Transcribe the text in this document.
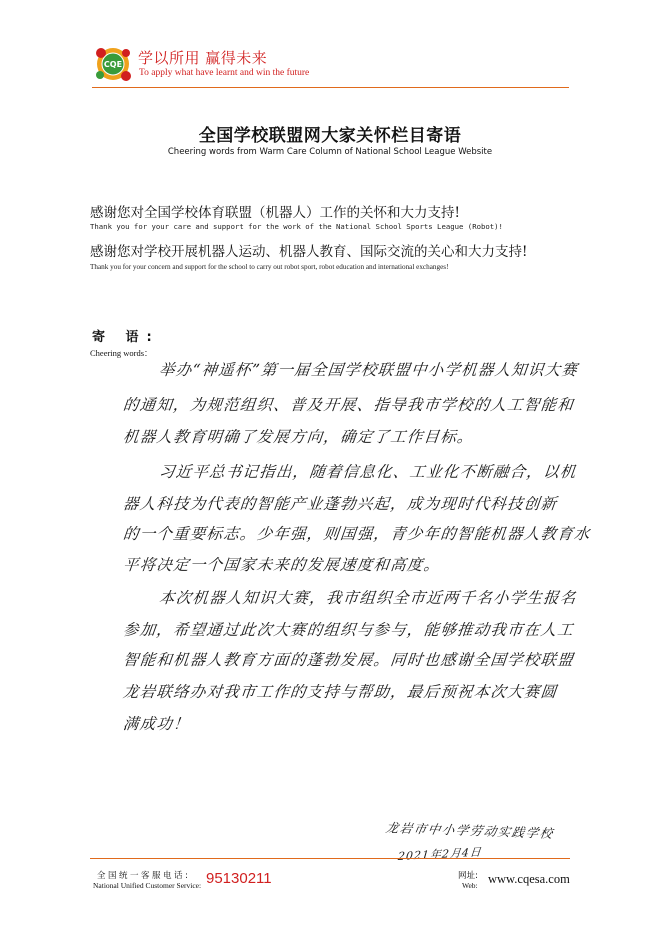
CQE 学以所用 赢得未来
To apply what have learnt and win the future
全国学校联盟网大家关怀栏目寄语
Cheering words from Warm Care Column of National School League Website
感谢您对全国学校体育联盟（机器人）工作的关怀和大力支持!
Thank you for your care and support for the work of the National School Sports League (Robot)!
感谢您对学校开展机器人运动、机器人教育、国际交流的关心和大力支持!
Thank you for your concern and support for the school to carry out robot sport, robot education and international exchanges!
寄 语:
Cheering words：
举办“神遥杯”第一届全国学校联盟中小学机器人知识大赛
的通知，为规范组织、普及开展、指导我市学校的人工智能和
机器人教育明确了发展方向，确定了工作目标。
习近平总书记指出，随着信息化、工业化不断融合，以机
器人科技为代表的智能产业蓬勃兴起，成为现时代科技创新
的一个重要标志。少年强，则国强，青少年的智能机器人教育水
平将决定一个国家未来的发展速度和高度。
本次机器人知识大赛，我市组织全市近两千名小学生报名
参加，希望通过此次大赛的组织与参与，能够推动我市在人工
智能和机器人教育方面的蓬勃发展。同时也感谢全国学校联盟
龙岩联络办对我市工作的支持与帮助，最后预祝本次大赛圆
满成功！
龙岩市中小学劳动实践学校
2021年2月4日
全国统一客服电话:
National Unified Customer Service: 95130211	网址:
Web: www.cqesa.com
